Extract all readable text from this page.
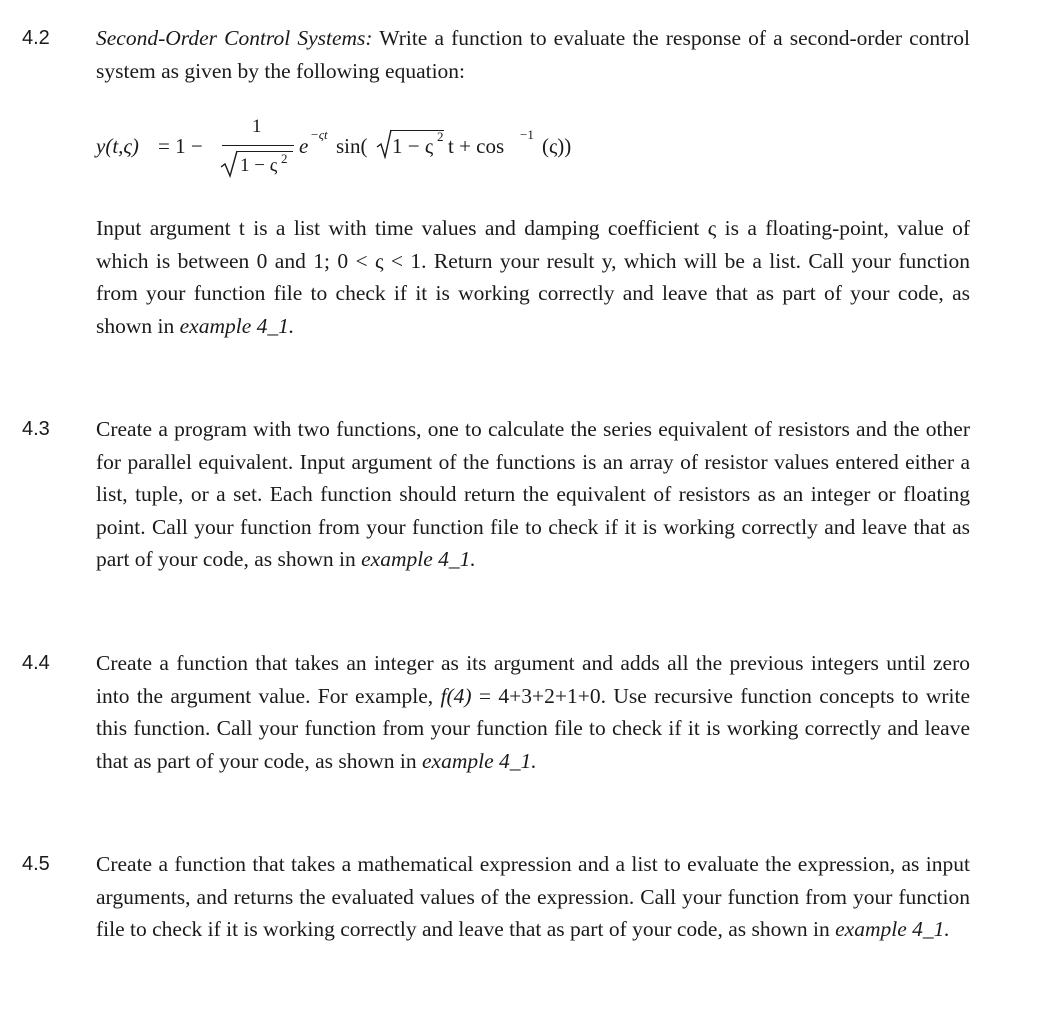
4.2 Second-Order Control Systems: Write a function to evaluate the response of a second-order control system as given by the following equation:
y(t,ς) = 1 −
1
1 − ς 2
e −ςt sin( 1 − ς 2 t + cos −1 (ς))
Input argument t is a list with time values and damping coefficient ς is a floating-point, value of which is between 0 and 1; 0 < ς < 1. Return your result y, which will be a list. Call your function from your function file to check if it is working correctly and leave that as part of your code, as shown in example 4_1.
4.3 Create a program with two functions, one to calculate the series equivalent of resistors and the other for parallel equivalent. Input argument of the functions is an array of resistor values entered either a list, tuple, or a set. Each function should return the equivalent of resistors as an integer or floating point. Call your function from your function file to check if it is working correctly and leave that as part of your code, as shown in example 4_1.
4.4 Create a function that takes an integer as its argument and adds all the previous integers until zero into the argument value. For example, f(4) = 4+3+2+1+0. Use recursive function concepts to write this function. Call your function from your function file to check if it is working correctly and leave that as part of your code, as shown in example 4_1.
4.5 Create a function that takes a mathematical expression and a list to evaluate the expression, as input arguments, and returns the evaluated values of the expression. Call your function from your function file to check if it is working correctly and leave that as part of your code, as shown in example 4_1.
